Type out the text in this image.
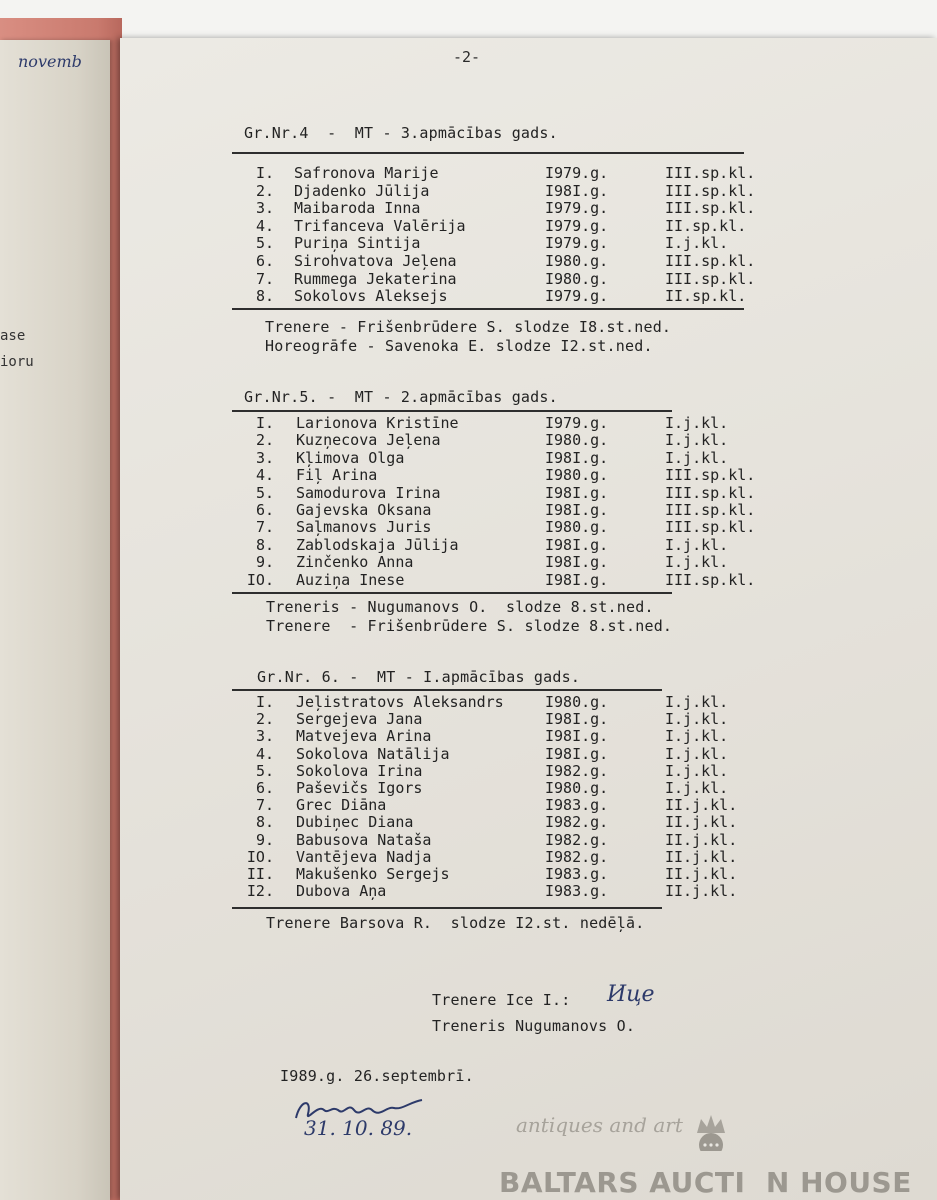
novemb
ase
ioru
-2-
Gr.Nr.4  -  MT - 3.apmācības gads.
I. Safronova Marije	I979.g.	III.sp.kl.
2. Djadenko Jūlija	I98I.g.	III.sp.kl.
3. Maibaroda Inna	I979.g.	III.sp.kl.
4. Trifanceva Valērija	I979.g.	II.sp.kl.
5. Puriņa Sintija	I979.g.	I.j.kl.
6. Sirohvatova Jeļena	I980.g.	III.sp.kl.
7. Rummega Jekaterina	I980.g.	III.sp.kl.
8. Sokolovs Aleksejs	I979.g.	II.sp.kl.
Trenere - Frišenbrūdere S. slodze I8.st.ned.
Horeogrāfe - Savenoka E. slodze I2.st.ned.
Gr.Nr.5. -  MT - 2.apmācības gads.
I. Larionova Kristīne	I979.g.	I.j.kl.
2. Kuzņecova Jeļena	I980.g.	I.j.kl.
3. Kļimova Olga	I98I.g.	I.j.kl.
4. Fiļ Arina	I980.g.	III.sp.kl.
5. Samodurova Irina	I98I.g.	III.sp.kl.
6. Gajevska Oksana	I98I.g.	III.sp.kl.
7. Saļmanovs Juris	I980.g.	III.sp.kl.
8. Zablodskaja Jūlija	I98I.g.	I.j.kl.
9. Zinčenko Anna	I98I.g.	I.j.kl.
IO. Auziņa Inese	I98I.g.	III.sp.kl.
Treneris - Nugumanovs O.  slodze 8.st.ned.
Trenere  - Frišenbrūdere S. slodze 8.st.ned.
Gr.Nr. 6. -  MT - I.apmācības gads.
I. Jeļistratovs Aleksandrs	I980.g.	I.j.kl.
2. Sergejeva Jana	I98I.g.	I.j.kl.
3. Matvejeva Arina	I98I.g.	I.j.kl.
4. Sokolova Natālija	I98I.g.	I.j.kl.
5. Sokolova Irina	I982.g.	I.j.kl.
6. Paševičs Igors	I980.g.	I.j.kl.
7. Grec Diāna	I983.g.	II.j.kl.
8. Dubiņec Diana	I982.g.	II.j.kl.
9. Babusova Nataša	I982.g.	II.j.kl.
IO. Vantējeva Nadja	I982.g.	II.j.kl.
II. Makušenko Sergejs	I983.g.	II.j.kl.
I2. Dubova Aņa	I983.g.	II.j.kl.
Trenere Barsova R.  slodze I2.st. nedēļā.
Trenere Ice I.: Ице
Treneris Nugumanovs O.
I989.g. 26.septembrī.
31. 10. 89.	antiques and art

BALTARS AUCTI  N HOUSE
